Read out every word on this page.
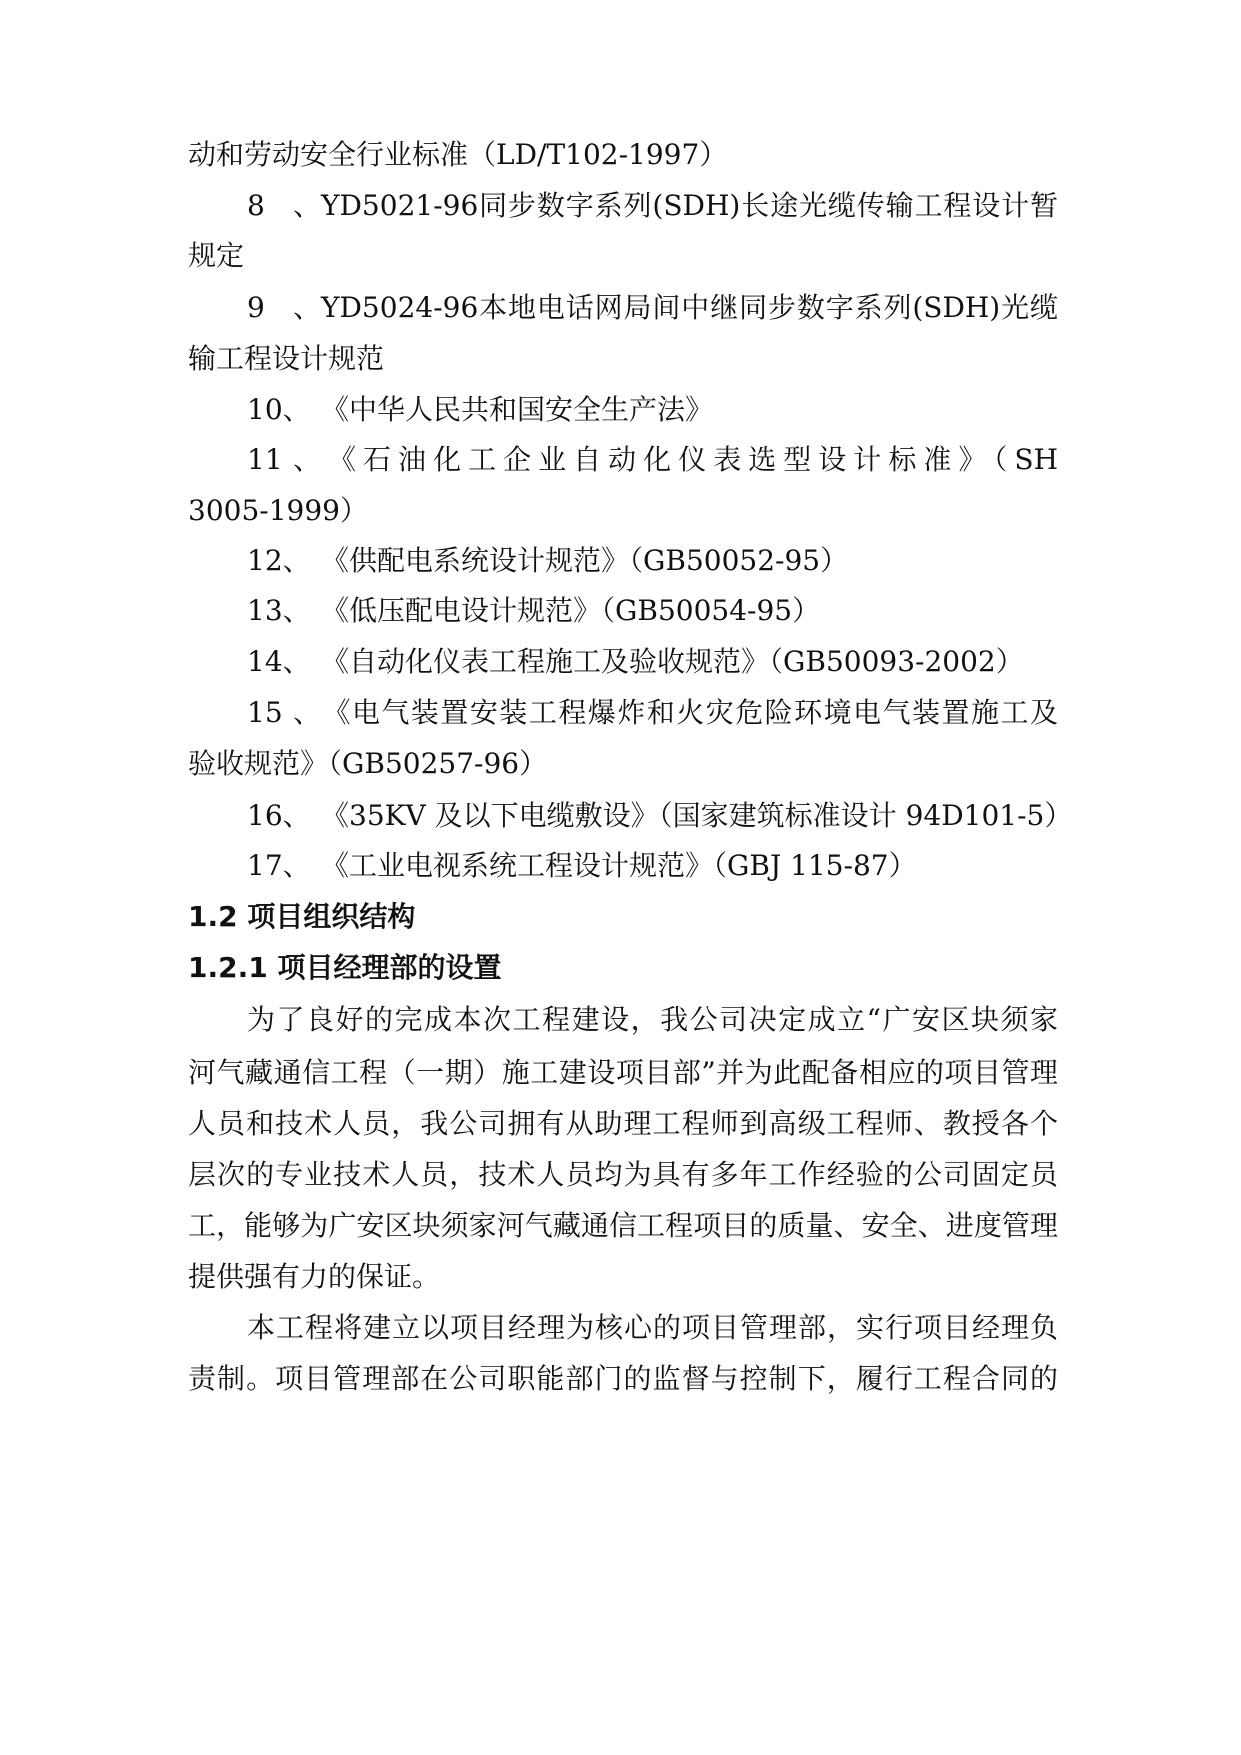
动和劳动安全行业标准（LD/T102-1997）
8、YD5021-96同步数字系列(SDH)长途光缆传输工程设计暂
规定
9、YD5024-96本地电话网局间中继同步数字系列(SDH)光缆
输工程设计规范
10、 《中华人民共和国安全生产法》
11、《石油化工企业自动化仪表选型设计标准》（SH
3005-1999）
12、 《供配电系统设计规范》（GB50052-95）
13、 《低压配电设计规范》（GB50054-95）
14、 《自动化仪表工程施工及验收规范》（GB50093-2002）
15、《电气装置安装工程爆炸和火灾危险环境电气装置施工及
验收规范》（GB50257-96）
16、 《35KV 及以下电缆敷设》（国家建筑标准设计 94D101-5）
17、 《工业电视系统工程设计规范》（GBJ 115-87）
1.2 项目组织结构
1.2.1 项目经理部的设置
为了良好的完成本次工程建设，我公司决定成立“广安区块须家
河气藏通信工程（一期）施工建设项目部”并为此配备相应的项目管理
人员和技术人员，我公司拥有从助理工程师到高级工程师、教授各个
层次的专业技术人员，技术人员均为具有多年工作经验的公司固定员
工，能够为广安区块须家河气藏通信工程项目的质量、安全、进度管理
提供强有力的保证。
本工程将建立以项目经理为核心的项目管理部，实行项目经理负
责制。项目管理部在公司职能部门的监督与控制下，履行工程合同的
